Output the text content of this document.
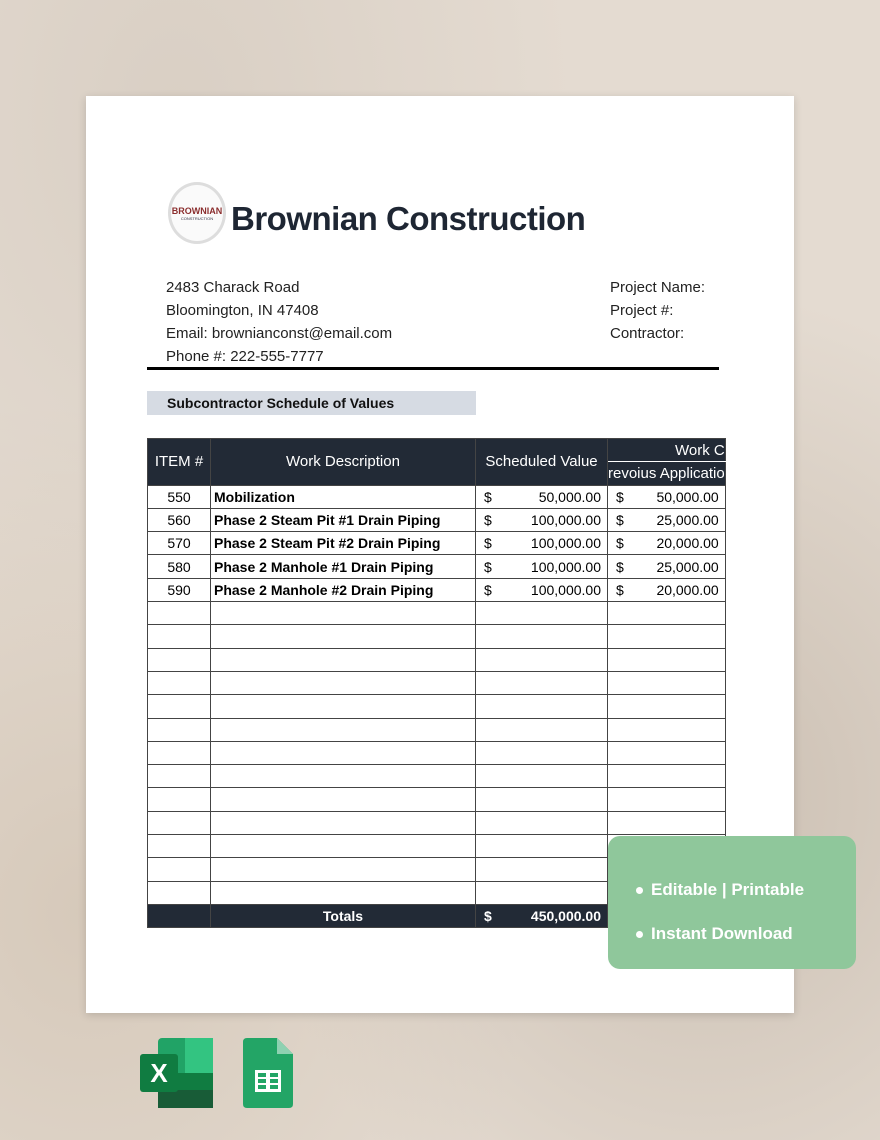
BROWNIAN
CONSTRUCTION Brownian Construction
2483 Charack Road
Bloomington, IN 47408
Email: brownianconst@email.com
Phone #: 222-555-7777
Project Name:
Project #:
Contractor:
Subcontractor Schedule of Values
ITEM #	Work Description	Scheduled Value	Work C
			revoius Applicatio
550	Mobilization	$ 50,000.00	$ 50,000.00

560	Phase 2 Steam Pit #1 Drain Piping	$ 100,000.00	$ 25,000.00

570	Phase 2 Steam Pit #2 Drain Piping	$ 100,000.00	$ 20,000.00

580	Phase 2 Manhole #1 Drain Piping	$ 100,000.00	$ 25,000.00

590	Phase 2 Manhole #2 Drain Piping	$ 100,000.00	$ 20,000.00

	Totals	$ 450,000.00	

Editable | Printable
Instant Download
X
